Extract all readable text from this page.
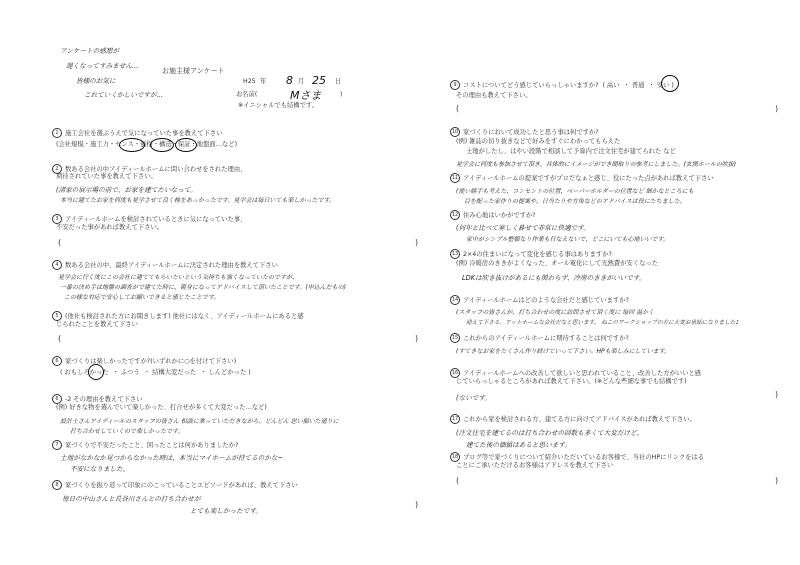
アンケートの感想が
遅くなってすみません…
皆様のお気に
これていくかしいですが…
お施主様アンケート
H25 年 8 月 25 日
お名前(	Mさま	)
※イニシャルでも結構です。
1 施工会社を選ぶうえで気になっていた事を教えて下さい
(会社規模・施工力・センス・価格・構造・保証・地盤面…など)
2 数ある会社の中アイディールホームに問い合わせをされた理由、
期待されていた事を教えて下さい。
(渚家の展示場の前で、お家を建てたいなって。
本当に建てたお家を何度も見学させて良く検をあっかったです。見学会は毎日いても楽しかったです。
3 アイディールホームを検討されているときに気になっていた事、
不安だった事があれば教えて下さい。
(	)
4 数ある会社の中、最終アイディールホームに決定された理由を教えて下さい
見学会に行く度にこの会社に建ててもらいたいという気持ちも強くなっていたのですが、
一番の決め手は地盤の調査がで建てた時に、親身になってアドバイスして頂いたことです。(申込んだもの)
この様な対応で安心してお願いできると感じたことです。
5 (他社も検討された方にお聞きします) 他社にはなく、アイディールホームにあると感
じられたことを教えて下さい
(	)
6 家づくりは楽しかったですか?(いずれかに○を付けて下さい)
( おもしろかった  ・ ふつう  ・ 結構大変だった  ・ しんどかった )
6 -2 その理由を教えて下さい
(例) 好きな物を選んでいて楽しかった、打合せが多くて大変だった…など)
設計士さんアイディールのスタッフの皆さん 相談に乗っていただきながら、どんどん 思い描いた通りに
打ち合わせしていくので楽しかったです。
7 家づくりで不安だったこと、困ったことは何かありましたか?
土地がなかなか見つからなかった時は、本当にマイホームが持てるのかな~
不安になりました。
8 家づくりを振り返って印象にのこっていることエピソードがあれば、教えて下さい
毎日の中山さんと長谷川さんとの打ち合わせが
とても楽しかったです。
)
9 コストについてどう感じていらっしゃいますか?  ( 高い  ・ 普通  ・ 安い )
その理由も教えて下さい。
(	)
10 家づくりにおいて成功したと思う事は何ですか?
(例) 雑誌の切り抜きなどで好みをすぐにわかってもらえた
土地がしたし、はやい段階で相談して予算内で注文住宅が建てられた など
見学会に何度も参加させて頂き、具体的にイメージができ間取りの参考にしました。(玄関ホールの吹抜)
11 アイディールホームの提案ですがプロだなぁと感じ、役にたった点があれば教えて下さい
(使い勝手も考えた、コンセントの位置、ペーパーホルダーの位置など 細かなところにも
目を配った家作りの提案や、日当たりや方角などのアドバイスは役にたちました。
12 住み心地はいかがですか?
(何年と比べて寒しく暮せて非常に快適です。
家中がシンプル整頓なり作業も行なえないで、どこにいても心地いいです。
13 2×4の住まいになって変化を感じる事はありますか?
(例) 冷暖房のききがよくなった、オール電化にして光熱費が安くなった
LDKは吹き抜けがあるにも関わらず、冷房のききがいいです。
14 アイディールホームはどのような会社だと感じていますか?
(スタッフの皆さんが、打ち合わせの度に訪問させて頂く度に 毎回 温かく
迎えて下さる、アットホームな会社だなと思います。 ねこのワークショップの方に大変お世話になりました♪
15 これからのアイディールホームに期待することは何ですか?
(すてきなお家をたくさん作り続けていって下さい。HPも楽しみにしています。
16 アイディールホームへの改善して欲しいと思われていること、改善した方がいいと感
じていらっしゃるところがあれば教えて下さい。(※どんな些細な事でも結構です)
(ないです。	)
17 これから家を検討される方、建てる方に向けてアドバイスがあれば教えて下さい。
(注文住宅を建てるのは打ち合わせの回数も多くて大変だけど、
建てた後の価値はあると思います。
18 ブログ等で家づくりについて紹介いただいているお客様で、当社のHPにリンクをはる
ことにご承いただけるお客様はアドレスを教えて下さい
(	)
